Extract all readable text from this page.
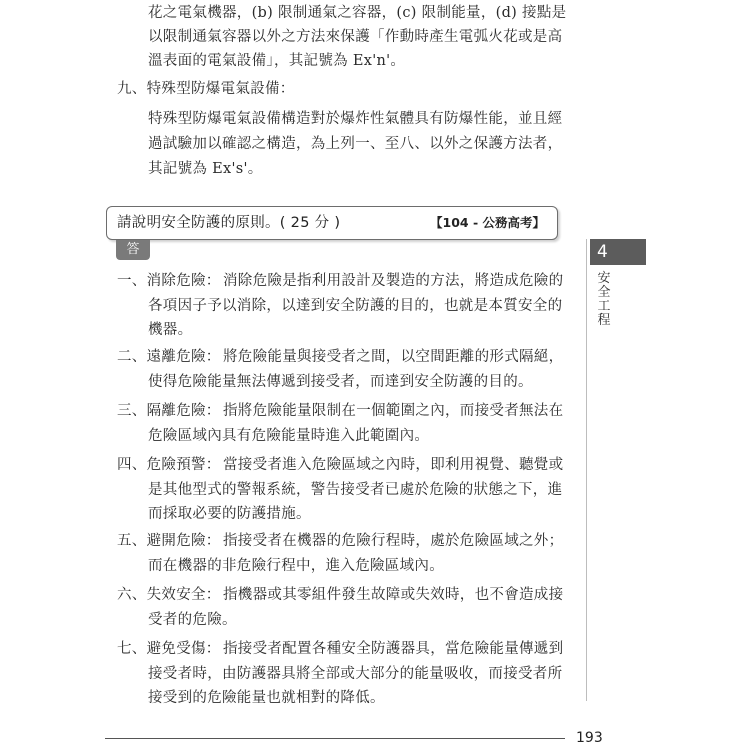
花之電氣機器，(b) 限制通氣之容器，(c) 限制能量，(d) 接點是
以限制通氣容器以外之方法來保護「作動時產生電弧火花或是高
溫表面的電氣設備」，其記號為 Ex'n'。
九、特殊型防爆電氣設備：
特殊型防爆電氣設備構造對於爆炸性氣體具有防爆性能，並且經
過試驗加以確認之構造，為上列一、至八、以外之保護方法者，
其記號為 Ex's'。
請說明安全防護的原則。( 25 分 )	【104 - 公務高考】
答
一、消除危險： 消除危險是指利用設計及製造的方法，將造成危險的
各項因子予以消除，以達到安全防護的目的，也就是本質安全的
機器。
二、遠離危險： 將危險能量與接受者之間，以空間距離的形式隔絕，
使得危險能量無法傳遞到接受者，而達到安全防護的目的。
三、隔離危險： 指將危險能量限制在一個範圍之內，而接受者無法在
危險區域內具有危險能量時進入此範圍內。
四、危險預警： 當接受者進入危險區域之內時，即利用視覺、聽覺或
是其他型式的警報系統，警告接受者已處於危險的狀態之下，進
而採取必要的防護措施。
五、避開危險： 指接受者在機器的危險行程時，處於危險區域之外；
而在機器的非危險行程中，進入危險區域內。
六、失效安全： 指機器或其零組件發生故障或失效時，也不會造成接
受者的危險。
七、避免受傷： 指接受者配置各種安全防護器具，當危險能量傳遞到
接受者時，由防護器具將全部或大部分的能量吸收，而接受者所
接受到的危險能量也就相對的降低。
4
安
全
工
程
193
